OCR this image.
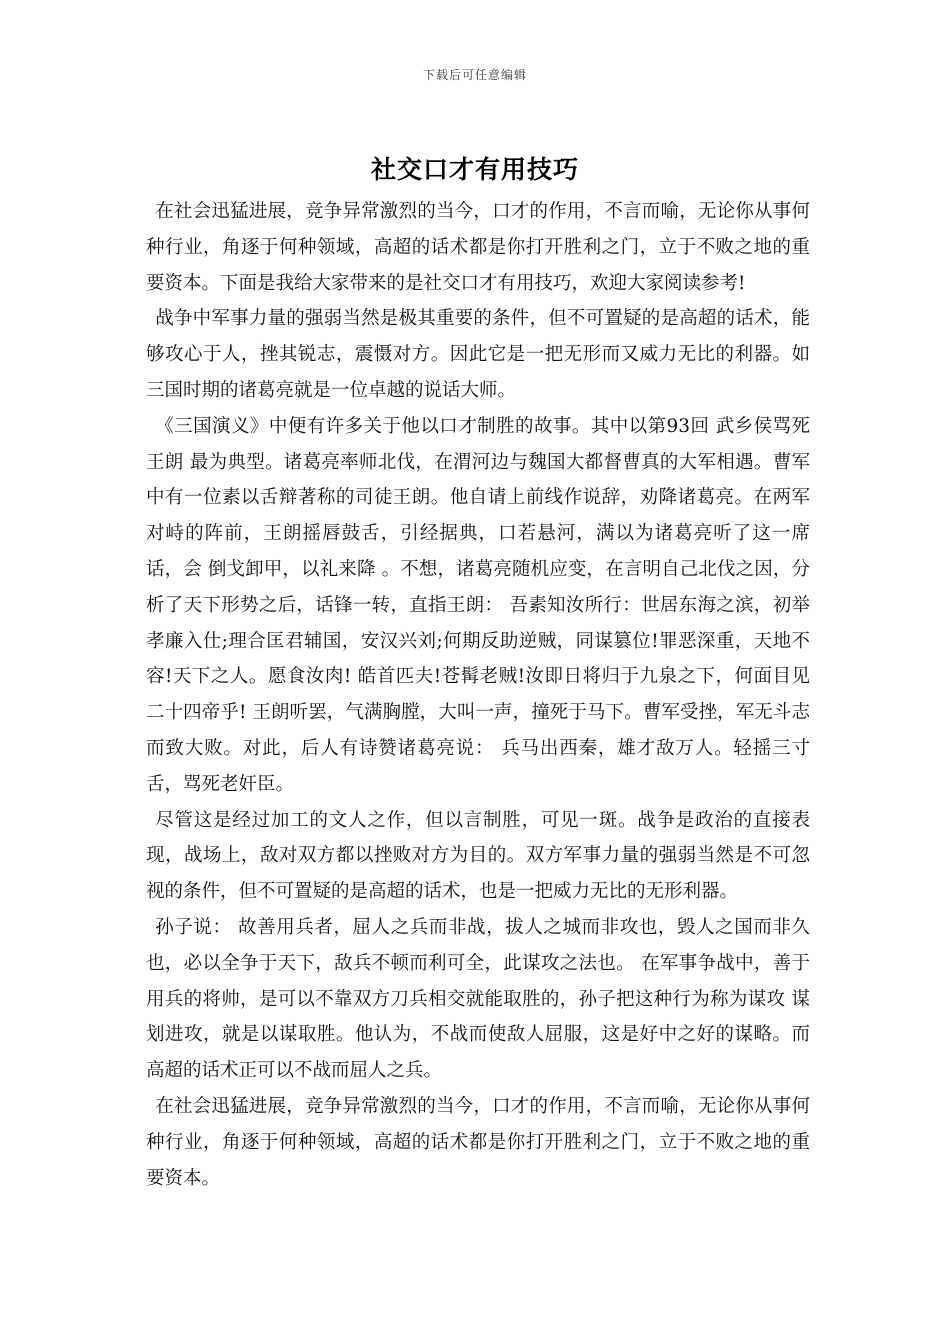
下载后可任意编辑
社交口才有用技巧

在社会迅猛进展，竞争异常激烈的当今，口才的作用，不言而喻，无论你从事何种行业，角逐于何种领域，高超的话术都是你打开胜利之门，立于不败之地的重要资本。下面是我给大家带来的是社交口才有用技巧，欢迎大家阅读参考!

战争中军事力量的强弱当然是极其重要的条件，但不可置疑的是高超的话术，能够攻心于人，挫其锐志，震慑对方。因此它是一把无形而又威力无比的利器。如三国时期的诸葛亮就是一位卓越的说话大师。

《三国演义》中便有许多关于他以口才制胜的故事。其中以第93回 武乡侯骂死王朗 最为典型。诸葛亮率师北伐，在渭河边与魏国大都督曹真的大军相遇。曹军中有一位素以舌辩著称的司徒王朗。他自请上前线作说辞，劝降诸葛亮。在两军对峙的阵前，王朗摇唇鼓舌，引经据典，口若悬河，满以为诸葛亮听了这一席话，会 倒戈卸甲，以礼来降 。不想，诸葛亮随机应变，在言明自己北伐之因，分析了天下形势之后，话锋一转，直指王朗： 吾素知汝所行：世居东海之滨，初举孝廉入仕;理合匡君辅国，安汉兴刘;何期反助逆贼，同谋篡位!罪恶深重，天地不容!天下之人。愿食汝肉! 皓首匹夫!苍髯老贼!汝即日将归于九泉之下，何面目见二十四帝乎! 王朗听罢，气满胸膛，大叫一声，撞死于马下。曹军受挫，军无斗志而致大败。对此，后人有诗赞诸葛亮说： 兵马出西秦，雄才敌万人。轻摇三寸舌，骂死老奸臣。

尽管这是经过加工的文人之作，但以言制胜，可见一斑。战争是政治的直接表现，战场上，敌对双方都以挫败对方为目的。双方军事力量的强弱当然是不可忽视的条件，但不可置疑的是高超的话术，也是一把威力无比的无形利器。

孙子说： 故善用兵者，屈人之兵而非战，拔人之城而非攻也，毁人之国而非久也，必以全争于天下，敌兵不顿而利可全，此谋攻之法也。 在军事争战中，善于用兵的将帅，是可以不靠双方刀兵相交就能取胜的，孙子把这种行为称为谋攻 谋划进攻，就是以谋取胜。他认为，不战而使敌人屈服，这是好中之好的谋略。而高超的话术正可以不战而屈人之兵。

在社会迅猛进展，竞争异常激烈的当今，口才的作用，不言而喻，无论你从事何种行业，角逐于何种领域，高超的话术都是你打开胜利之门，立于不败之地的重要资本。
